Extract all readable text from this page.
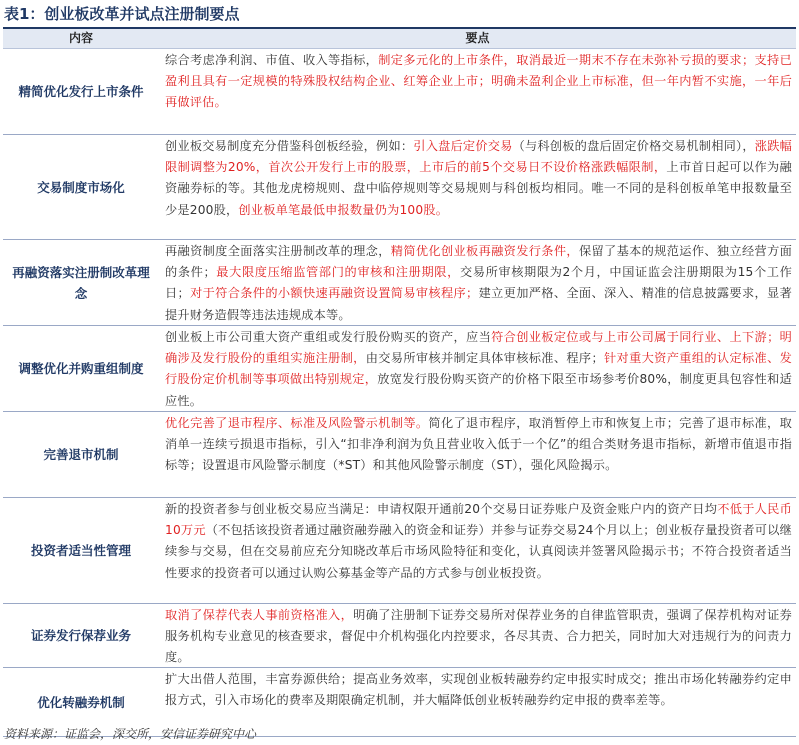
表1：创业板改革并试点注册制要点
内容	要点
精简优化发行上市条件
综合考虑净利润、市值、收入等指标，制定多元化的上市条件，取消最近一期末不存在未弥补亏损的要求；支持已盈利且具有一定规模的特殊股权结构企业、红筹企业上市；明确未盈利企业上市标准，但一年内暂不实施，一年后再做评估。
交易制度市场化
创业板交易制度充分借鉴科创板经验，例如：引入盘后定价交易（与科创板的盘后固定价格交易机制相同），涨跌幅限制调整为20%，首次公开发行上市的股票，上市后的前5个交易日不设价格涨跌幅限制，上市首日起可以作为融资融券标的等。其他龙虎榜规则、盘中临停规则等交易规则与科创板均相同。唯一不同的是科创板单笔申报数量至少是200股，创业板单笔最低申报数量仍为100股。
再融资落实注册制改革理念
再融资制度全面落实注册制改革的理念，精简优化创业板再融资发行条件，保留了基本的规范运作、独立经营方面的条件；最大限度压缩监管部门的审核和注册期限，交易所审核期限为2个月，中国证监会注册期限为15个工作日；对于符合条件的小额快速再融资设置简易审核程序；建立更加严格、全面、深入、精准的信息披露要求，显著提升财务造假等违法违规成本等。
调整优化并购重组制度
创业板上市公司重大资产重组或发行股份购买的资产，应当符合创业板定位或与上市公司属于同行业、上下游；明确涉及发行股份的重组实施注册制，由交易所审核并制定具体审核标准、程序；针对重大资产重组的认定标准、发行股份定价机制等事项做出特别规定，放宽发行股份购买资产的价格下限至市场参考价80%，制度更具包容性和适应性。
完善退市机制
优化完善了退市程序、标准及风险警示机制等。简化了退市程序，取消暂停上市和恢复上市；完善了退市标准，取消单一连续亏损退市指标，引入“扣非净利润为负且营业收入低于一个亿”的组合类财务退市指标，新增市值退市指标等；设置退市风险警示制度（*ST）和其他风险警示制度（ST），强化风险揭示。
投资者适当性管理
新的投资者参与创业板交易应当满足：申请权限开通前20个交易日证券账户及资金账户内的资产日均不低于人民币10万元（不包括该投资者通过融资融券融入的资金和证券）并参与证券交易24个月以上；创业板存量投资者可以继续参与交易，但在交易前应充分知晓改革后市场风险特征和变化，认真阅读并签署风险揭示书；不符合投资者适当性要求的投资者可以通过认购公募基金等产品的方式参与创业板投资。
证券发行保荐业务
取消了保荐代表人事前资格准入，明确了注册制下证券交易所对保荐业务的自律监管职责，强调了保荐机构对证券服务机构专业意见的核查要求，督促中介机构强化内控要求，各尽其责、合力把关，同时加大对违规行为的问责力度。
优化转融券机制
扩大出借人范围，丰富券源供给；提高业务效率，实现创业板转融券约定申报实时成交；推出市场化转融券约定申报方式，引入市场化的费率及期限确定机制，并大幅降低创业板转融券约定申报的费率差等。
资料来源：证监会，深交所，安信证券研究中心
